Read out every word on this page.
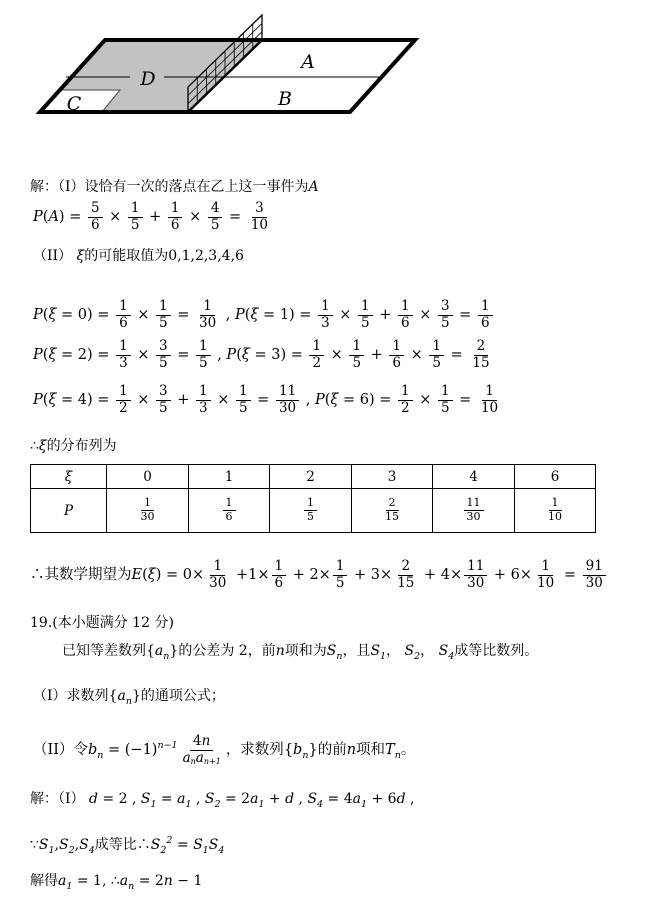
D
C
A
B
解：（I）设恰有一次的落点在乙上这一事件为A
$P(A) = \frac{5}{6} \times \frac{1}{5} + \frac{1}{6} \times \frac{4}{5} = \frac{3}{10}$
（II） ξ的可能取值为0,1,2,3,4,6
$P(\xi = 0) = \frac{1}{6} \times \frac{1}{5} = \frac{1}{30}$ , $P(\xi = 1) = \frac{1}{3} \times \frac{1}{5} + \frac{1}{6} \times \frac{3}{5} = \frac{1}{6}$
$P(\xi = 2) = \frac{1}{3} \times \frac{3}{5} = \frac{1}{5}$ , $P(\xi = 3) = \frac{1}{2} \times \frac{1}{5} + \frac{1}{6} \times \frac{1}{5} = \frac{2}{15}$
$P(\xi = 4) = \frac{1}{2} \times \frac{3}{5} + \frac{1}{3} \times \frac{1}{5} = \frac{11}{30}$ , $P(\xi = 6) = \frac{1}{2} \times \frac{1}{5} = \frac{1}{10}$
∴ξ的分布列为
ξ	0	1	2	3	4	6
P	$\frac{1}{30}$	$\frac{1}{6}$	$\frac{1}{5}$	$\frac{2}{15}$	$\frac{11}{30}$	$\frac{1}{10}$
∴其数学期望为$E(\xi) = 0\times \frac{1}{30} +1\times \frac{1}{6} + 2\times \frac{1}{5} + 3\times \frac{2}{15} + 4\times \frac{11}{30} + 6\times \frac{1}{10} = \frac{91}{30}$
19.(本小题满分 12 分)
已知等差数列$\{a_n\}$的公差为 2，前n项和为$S_n$，且$S_1$， $S_2$， $S_4$成等比数列。
（I）求数列$\{a_n\}$的通项公式；
（II）令$b_n = (-1)^{n-1}$ 4n
anan+1
，求数列$\{b_n\}$的前n项和$T_n$。
解：（I） d = 2 , $S_1 = a_1$ , $S_2 = 2a_1 + d$ , $S_4 = 4a_1 + 6d$ ,
$\because S_1,S_2,S_4$成等比$\therefore S_2^2 = S_1S_4$
解得$a_1 = 1$, $\therefore a_n = 2n - 1$
